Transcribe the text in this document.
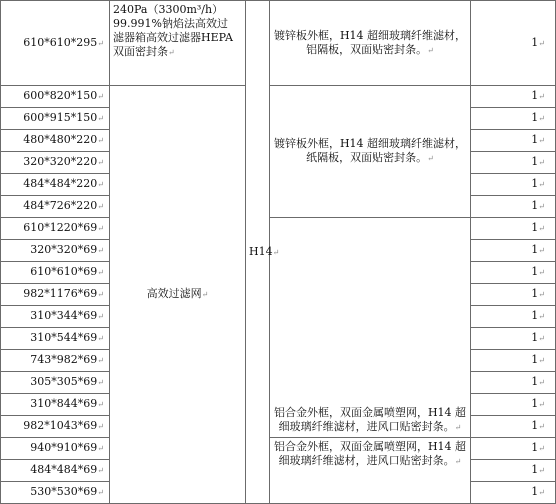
610*610*295↵	240Pa（3300m³/h）
99.991%钠焰法高效过
滤器箱高效过滤器HEPA
双面密封条↵	H14↵	镀锌板外框，H14 超细玻璃纤维滤材，铝隔板，双面贴密封条。↵	1↵
600*820*150↵	高效过滤网↵		镀锌板外框，H14 超细玻璃纤维滤材，纸隔板，双面贴密封条。↵	1↵
600*915*150↵				1↵
480*480*220↵				1↵
320*320*220↵				1↵
484*484*220↵				1↵
484*726*220↵				1↵
610*1220*69↵			铝合金外框，双面金属喷塑网，H14 超细玻璃纤维滤材，进风口贴密封条。↵	1↵
320*320*69↵				1↵
610*610*69↵				1↵
982*1176*69↵				1↵
310*344*69↵				1↵
310*544*69↵				1↵
743*982*69↵				1↵
305*305*69↵				1↵
310*844*69↵				1↵
982*1043*69↵				1↵
940*910*69↵			铝合金外框，双面金属喷塑网，H14 超细玻璃纤维滤材，进风口贴密封条。↵	1↵
484*484*69↵				1↵
530*530*69↵				1↵
